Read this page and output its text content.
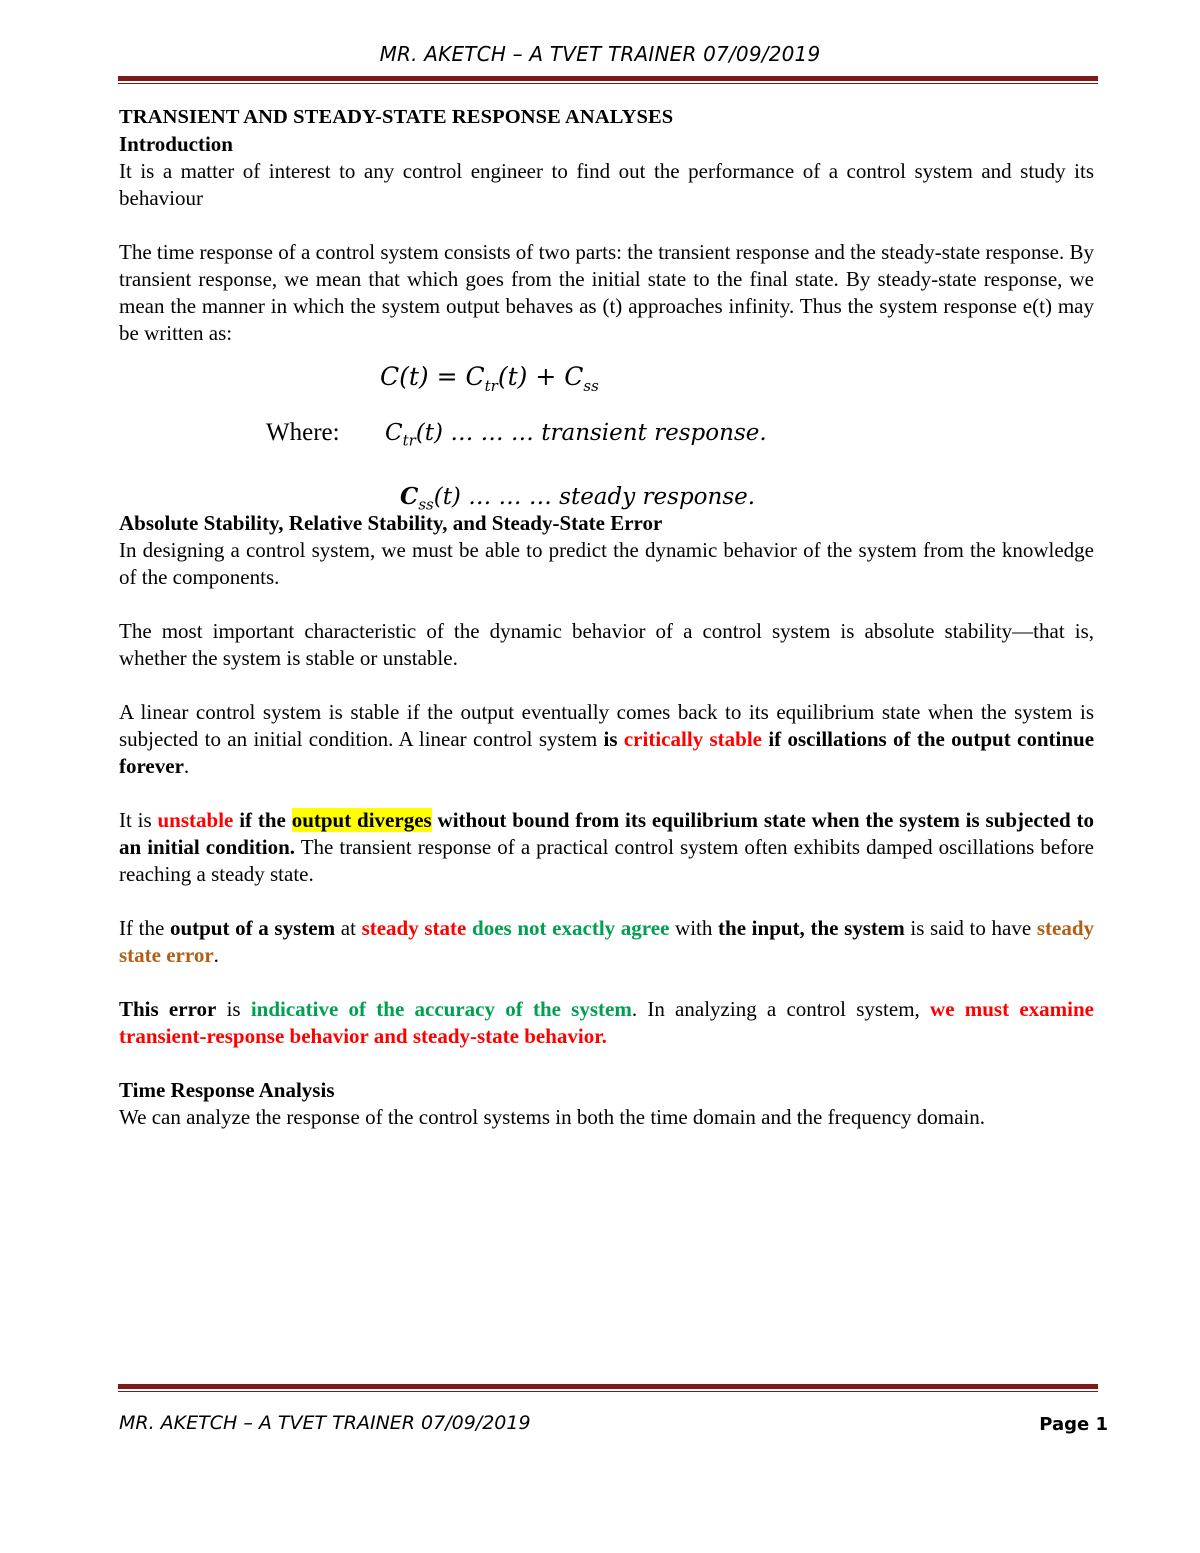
MR. AKETCH – A TVET TRAINER 07/09/2019

TRANSIENT AND STEADY-STATE RESPONSE ANALYSES

Introduction

It is a matter of interest to any control engineer to find out the performance of a control system and study its behaviour

The time response of a control system consists of two parts: the transient response and the steady-state response. By transient response, we mean that which goes from the initial state to the final state. By steady-state response, we mean the manner in which the system output behaves as (t) approaches infinity. Thus the system response e(t) may be written as:

Absolute Stability, Relative Stability, and Steady-State Error

In designing a control system, we must be able to predict the dynamic behavior of the system from the knowledge of the components.

The most important characteristic of the dynamic behavior of a control system is absolute stability—that is, whether the system is stable or unstable.

A linear control system is stable if the output eventually comes back to its equilibrium state when the system is subjected to an initial condition. A linear control system is critically stable if oscillations of the output continue forever.

It is unstable if the output diverges without bound from its equilibrium state when the system is subjected to an initial condition. The transient response of a practical control system often exhibits damped oscillations before reaching a steady state.

If the output of a system at steady state does not exactly agree with the input, the system is said to have steady state error.

This error is indicative of the accuracy of the system. In analyzing a control system, we must examine transient-response behavior and steady-state behavior.

Time Response Analysis

We can analyze the response of the control systems in both the time domain and the frequency domain.

$C(t) = C_{tr}(t) + C_{ss}$
Where: $C_{tr}(t)$ … … … transient response.
$C_{ss}(t)$ … … … steady response.
MR. AKETCH – A TVET TRAINER 07/09/2019	Page 1
